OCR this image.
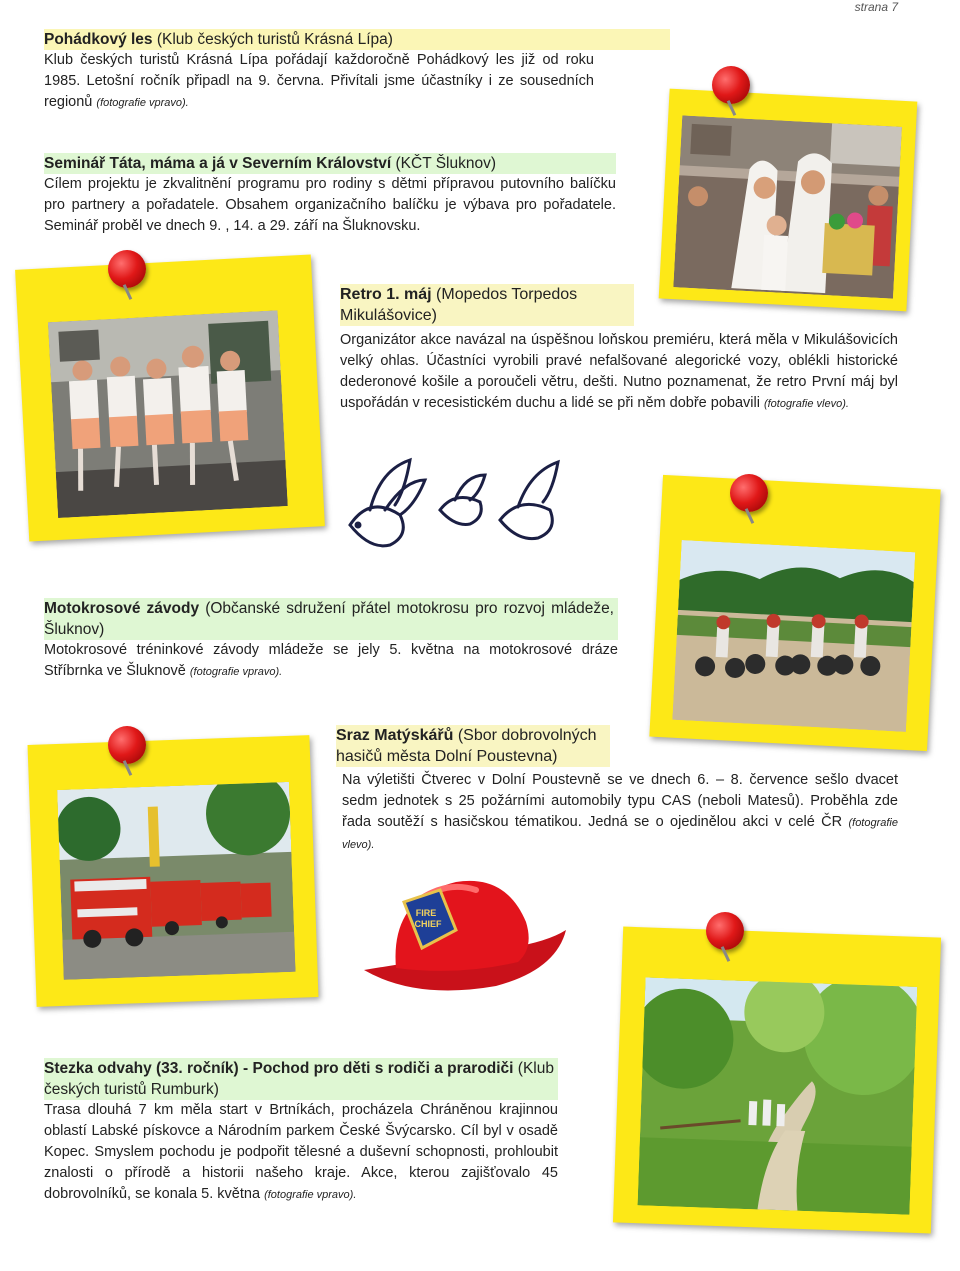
strana 7
Pohádkový les (Klub českých turistů Krásná Lípa)

Klub českých turistů Krásná Lípa pořádají každoročně Pohádkový les již od roku 1985. Letošní ročník připadl na 9. června. Přivítali jsme účastníky i ze sousedních regionů (fotografie vpravo).

Seminář Táta, máma a já v Severním Království (KČT Šluknov)

Cílem projektu je zkvalitnění programu pro rodiny s dětmi přípravou putovního balíčku pro partnery a pořadatele. Obsahem organizačního balíčku je výbava pro pořadatele. Seminář proběl ve dnech 9. , 14. a 29. září na Šluknovsku.

Retro 1. máj (Mopedos Torpedos Mikulášovice)

Organizátor akce navázal na úspěšnou loňskou premiéru, která měla v Mikulášovicích velký ohlas. Účastníci vyrobili pravé nefalšované alegorické vozy, oblékli historické dederonové košile a poroučeli větru, dešti. Nutno poznamenat, že retro První máj byl uspořádán v recesistickém duchu a lidé se při něm dobře pobavili (fotografie vlevo).

Motokrosové závody (Občanské sdružení přátel motokrosu pro rozvoj mládeže, Šluknov)

Motokrosové tréninkové závody mládeže se jely 5. května na motokrosové dráze Stříbrnka ve Šluknově (fotografie vpravo).

Sraz Matýskářů (Sbor dobrovolných hasičů města Dolní Poustevna)

Na výletišti Čtverec v Dolní Poustevně se ve dnech 6. – 8. července sešlo dvacet sedm jednotek s 25 požárními automobily typu CAS (neboli Matesů). Proběhla zde řada soutěží s hasičskou tématikou. Jedná se o ojedinělou akci v celé ČR (fotografie vlevo).

FIRE
CHIEF
Stezka odvahy (33. ročník) - Pochod pro děti s rodiči a prarodiči (Klub českých turistů Rumburk)

Trasa dlouhá 7 km měla start v Brtníkách, procházela Chráněnou krajinnou oblastí Labské pískovce a Národním parkem České Švýcarsko. Cíl byl v osadě Kopec. Smyslem pochodu je podpořit tělesné a duševní schopnosti, prohloubit znalosti o přírodě a historii našeho kraje. Akce, kterou zajišťovalo 45 dobrovolníků, se konala 5. května (fotografie vpravo).
